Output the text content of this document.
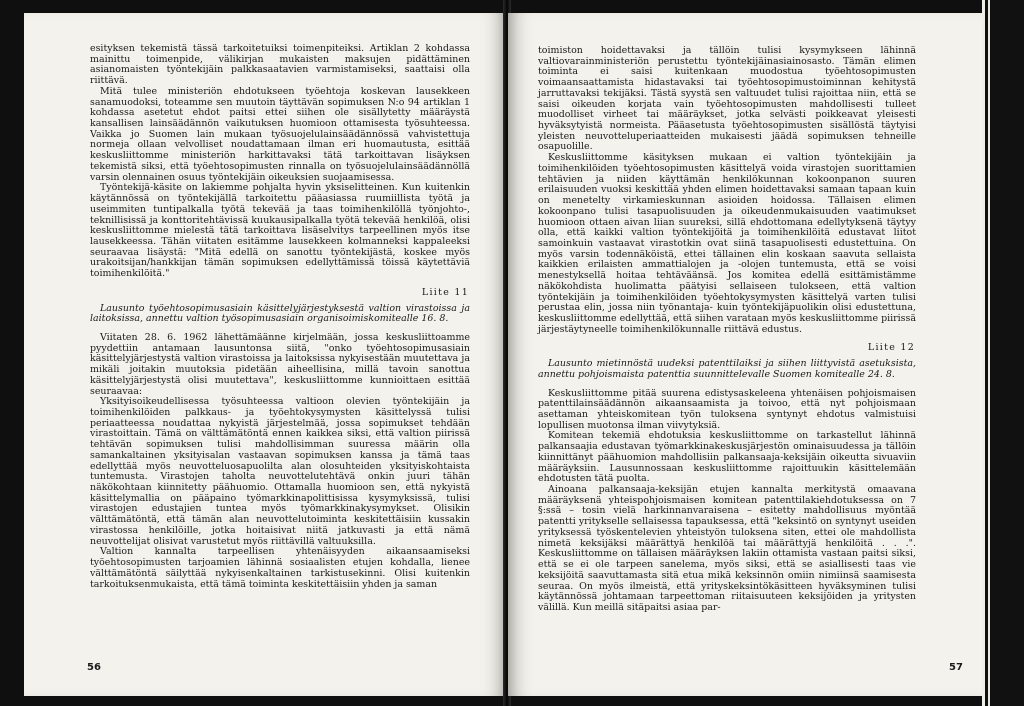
esityksen tekemistä tässä tarkoitetuiksi toimenpiteiksi. Artiklan 2 kohdassa mainittu toimenpide, välikirjan mukaisten maksujen pidättäminen asianomaisten työntekijäin palkkasaatavien varmistamiseksi, saattaisi olla riittävä.

Mitä tulee ministeriön ehdotukseen työehtoja koskevan lausekkeen sanamuodoksi, toteamme sen muutoin täyttävän sopimuksen N:o 94 artiklan 1 kohdassa asetetut ehdot paitsi ettei siihen ole sisällytetty määräystä kansallisen lainsäädännön vaikutuksen huomioon ottamisesta työsuhteessa. Vaikka jo Suomen lain mukaan työsuojelulainsäädännössä vahvistettuja normeja ollaan velvolliset noudattamaan ilman eri huomautusta, esittää keskusliittomme ministeriön harkittavaksi tätä tarkoittavan lisäyksen tekemistä siksi, että työehtosopimusten rinnalla on työsuojelulainsäädännöllä varsin olennainen osuus työntekijäin oikeuksien suojaamisessa.

Työntekijä-käsite on lakiemme pohjalta hyvin yksiselitteinen. Kun kuitenkin käytännössä on työntekijällä tarkoitettu pääasiassa ruumiillista työtä ja useimmiten tuntipalkalla työtä tekevää ja taas toimihenkilöllä työnjohto-, teknillisissä ja konttoritehtävissä kuukausipalkalla työtä tekevää henkilöä, olisi keskusliittomme mielestä tätä tarkoittava lisäselvitys tarpeellinen myös itse lausekkeessa. Tähän viitaten esitämme lausekkeen kolmanneksi kappaleeksi seuraavaa lisäystä: "Mitä edellä on sanottu työntekijästä, koskee myös urakoitsijan/hankkijan tämän sopimuksen edellyttämissä töissä käytettäviä toimihenkilöitä."

Liite 11

Lausunto työehtosopimusasiain käsittelyjärjestyksestä valtion virastoissa ja laitoksissa, annettu valtion työsopimusasiain organisoimiskomitealle 16. 8.

Viitaten 28. 6. 1962 lähettämäänne kirjelmään, jossa keskusliittoamme pyydettiin antamaan lausuntonsa siitä, "onko työehtosopimusasiain käsittelyjärjestystä valtion virastoissa ja laitoksissa nykyisestään muutettava ja mikäli joitakin muutoksia pidetään aiheellisina, millä tavoin sanottua käsittelyjärjestystä olisi muutettava", keskusliittomme kunnioittaen esittää seuraavaa:

Yksityisoikeudellisessa työsuhteessa valtioon olevien työntekijäin ja toimihenkilöiden palkkaus- ja työehtokysymysten käsittelyssä tulisi periaatteessa noudattaa nykyistä järjestelmää, jossa sopimukset tehdään virastoittain. Tämä on välttämätöntä ennen kaikkea siksi, että valtion piirissä tehtävän sopimuksen tulisi mahdollisimman suuressa määrin olla samankaltainen yksityisalan vastaavan sopimuksen kanssa ja tämä taas edellyttää myös neuvotteluosapuolilta alan olosuhteiden yksityiskohtaista tuntemusta. Virastojen taholta neuvottelutehtävä onkin juuri tähän näkökohtaan kiinnitetty päähuomio. Ottamalla huomioon sen, että nykyistä käsittelymallia on pääpaino työmarkkinapolittisissa kysymyksissä, tulisi virastojen edustajien tuntea myös työmarkkinakysymykset. Olisikin välttämätöntä, että tämän alan neuvottelutoiminta keskitettäisiin kussakin virastossa henkilöille, jotka hoitaisivat niitä jatkuvasti ja että nämä neuvottelijat olisivat varustetut myös riittävillä valtuuksilla.

Valtion kannalta tarpeellisen yhtenäisyyden aikaansaamiseksi työehtosopimusten tarjoamien lähinnä sosiaalisten etujen kohdalla, lienee välttämätöntä säilyttää nykyisenkaltainen tarkistusekinni. Olisi kuitenkin tarkoituksenmukaista, että tämä toiminta keskitettäisiin yhden ja saman

56

toimiston hoidettavaksi ja tällöin tulisi kysymykseen lähinnä valtiovarainministeriön perustettu työntekijäinasiainosasto. Tämän elimen toiminta ei saisi kuitenkaan muodostua työehtosopimusten voimaansaattamista hidastavaksi tai työehtosopimustoiminnan kehitystä jarruttavaksi tekijäksi. Tästä syystä sen valtuudet tulisi rajoittaa niin, että se saisi oikeuden korjata vain työehtosopimusten mahdollisesti tulleet muodolliset virheet tai määräykset, jotka selvästi poikkeavat yleisesti hyväksytyistä normeista. Pääasetusta työehtosopimusten sisällöstä täytyisi yleisten neuvotteluperiaatteiden mukaisesti jäädä sopimuksen tehneille osapuolille.

Keskusliittomme käsityksen mukaan ei valtion työntekijäin ja toimihenkilöiden työehtosopimusten käsittelyä voida virastojen suorittamien tehtävien ja niiden käyttämän henkilökunnan kokoonpanon suuren erilaisuuden vuoksi keskittää yhden elimen hoidettavaksi samaan tapaan kuin on menetelty virkamieskunnan asioiden hoidossa. Tällaisen elimen kokoonpano tulisi tasapuolisuuden ja oikeudenmukaisuuden vaatimukset huomioon ottaen aivan liian suureksi, sillä ehdottomana edellytyksenä täytyy olla, että kaikki valtion työntekijöitä ja toimihenkilöitä edustavat liitot samoinkuin vastaavat virastotkin ovat siinä tasapuolisesti edustettuina. On myös varsin todennäköistä, ettei tällainen elin koskaan saavuta sellaista kaikkien erilaisten ammattialojen ja -olojen tuntemusta, että se voisi menestyksellä hoitaa tehtäväänsä. Jos komitea edellä esittämistämme näkökohdista huolimatta päätyisi sellaiseen tulokseen, että valtion työntekijäin ja toimihenkilöiden työehtokysymysten käsittelyä varten tulisi perustaa elin, jossa niin työnantaja- kuin työntekijäpuolikin olisi edustettuna, keskusliittomme edellyttää, että siihen varataan myös keskusliittomme piirissä järjestäytyneelle toimihenkilökunnalle riittävä edustus.

Liite 12

Lausunto mietinnöstä uudeksi patenttilaiksi ja siihen liittyvistä asetuksista, annettu pohjoismaista patenttia suunnittelevalle Suomen komitealle 24. 8.

Keskusliittomme pitää suurena edistysaskeleena yhtenäisen pohjoismaisen patenttilainsäädännön aikaansaamista ja toivoo, että nyt pohjoismaan asettaman yhteiskomitean työn tuloksena syntynyt ehdotus valmistuisi lopullisen muotonsa ilman viivytyksiä.

Komitean tekemiä ehdotuksia keskusliittomme on tarkastellut lähinnä palkansaajia edustavan työmarkkinakeskusjärjestön ominaisuudessa ja tällöin kiinnittänyt päähuomion mahdollisiin palkansaaja-keksijäin oikeutta sivuaviin määräyksiin. Lausunnossaan keskusliittomme rajoittuukin käsittelemään ehdotusten tätä puolta.

Ainoana palkansaaja-keksijän etujen kannalta merkitystä omaavana määräyksenä yhteispohjoismaisen komitean patenttilakiehdotuksessa on 7 §:ssä – tosin vielä harkinnanvaraisena – esitetty mahdollisuus myöntää patentti yritykselle sellaisessa tapauksessa, että "keksintö on syntynyt useiden yrityksessä työskentelevien yhteistyön tuloksena siten, ettei ole mahdollista nimetä keksijäksi määrättyä henkilöä tai määrättyjä henkilöitä . . .". Keskusliittomme on tällaisen määräyksen lakiin ottamista vastaan paitsi siksi, että se ei ole tarpeen sanelema, myös siksi, että se asiallisesti taas vie keksijöitä saavuttamasta sitä etua mikä keksinnön omiin nimiinsä saamisesta seuraa. On myös ilmeistä, että yrityskeksintökäsitteen hyväksyminen tulisi käytännössä johtamaan tarpeettoman riitaisuuteen keksijöiden ja yritysten välillä. Kun meillä sitäpaitsi asiaa par-

57
